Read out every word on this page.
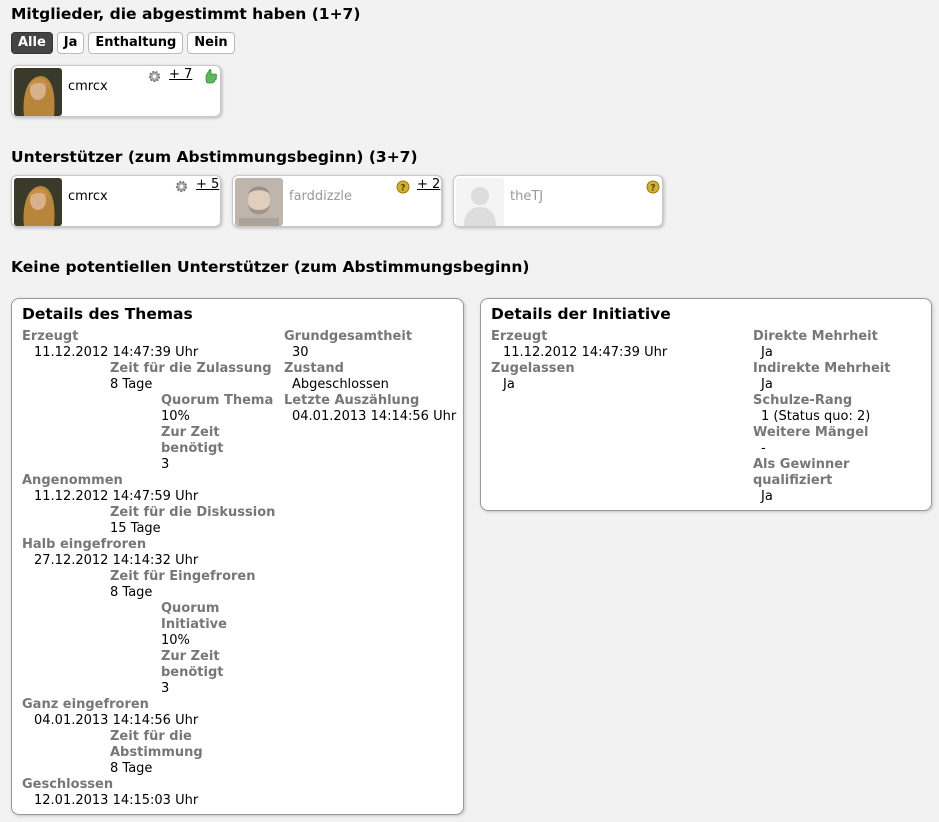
Mitglieder, die abgestimmt haben (1+7)
Alle	Ja	Enthaltung	Nein
cmrcx
+ 7
Unterstützer (zum Abstimmungsbeginn) (3+7)
cmrcx
+ 5
farddizzle
? + 2
theTJ
?
Keine potentiellen Unterstützer (zum Abstimmungsbeginn)
Details des Themas
Erzeugt
11.12.2012 14:47:39 Uhr
Zeit für die Zulassung
8 Tage
Quorum Thema
10%
Zur Zeit
benötigt
3
Angenommen
11.12.2012 14:47:59 Uhr
Zeit für die Diskussion
15 Tage
Halb eingefroren
27.12.2012 14:14:32 Uhr
Zeit für Eingefroren
8 Tage
Quorum
Initiative
10%
Zur Zeit
benötigt
3
Ganz eingefroren
04.01.2013 14:14:56 Uhr
Zeit für die
Abstimmung
8 Tage
Geschlossen
12.01.2013 14:15:03 Uhr
Grundgesamtheit
30
Zustand
Abgeschlossen
Letzte Auszählung
04.01.2013 14:14:56 Uhr
Details der Initiative
Erzeugt
11.12.2012 14:47:39 Uhr
Zugelassen
Ja
Direkte Mehrheit
Ja
Indirekte Mehrheit
Ja
Schulze-Rang
1 (Status quo: 2)
Weitere Mängel
-
Als Gewinner
qualifiziert
Ja
